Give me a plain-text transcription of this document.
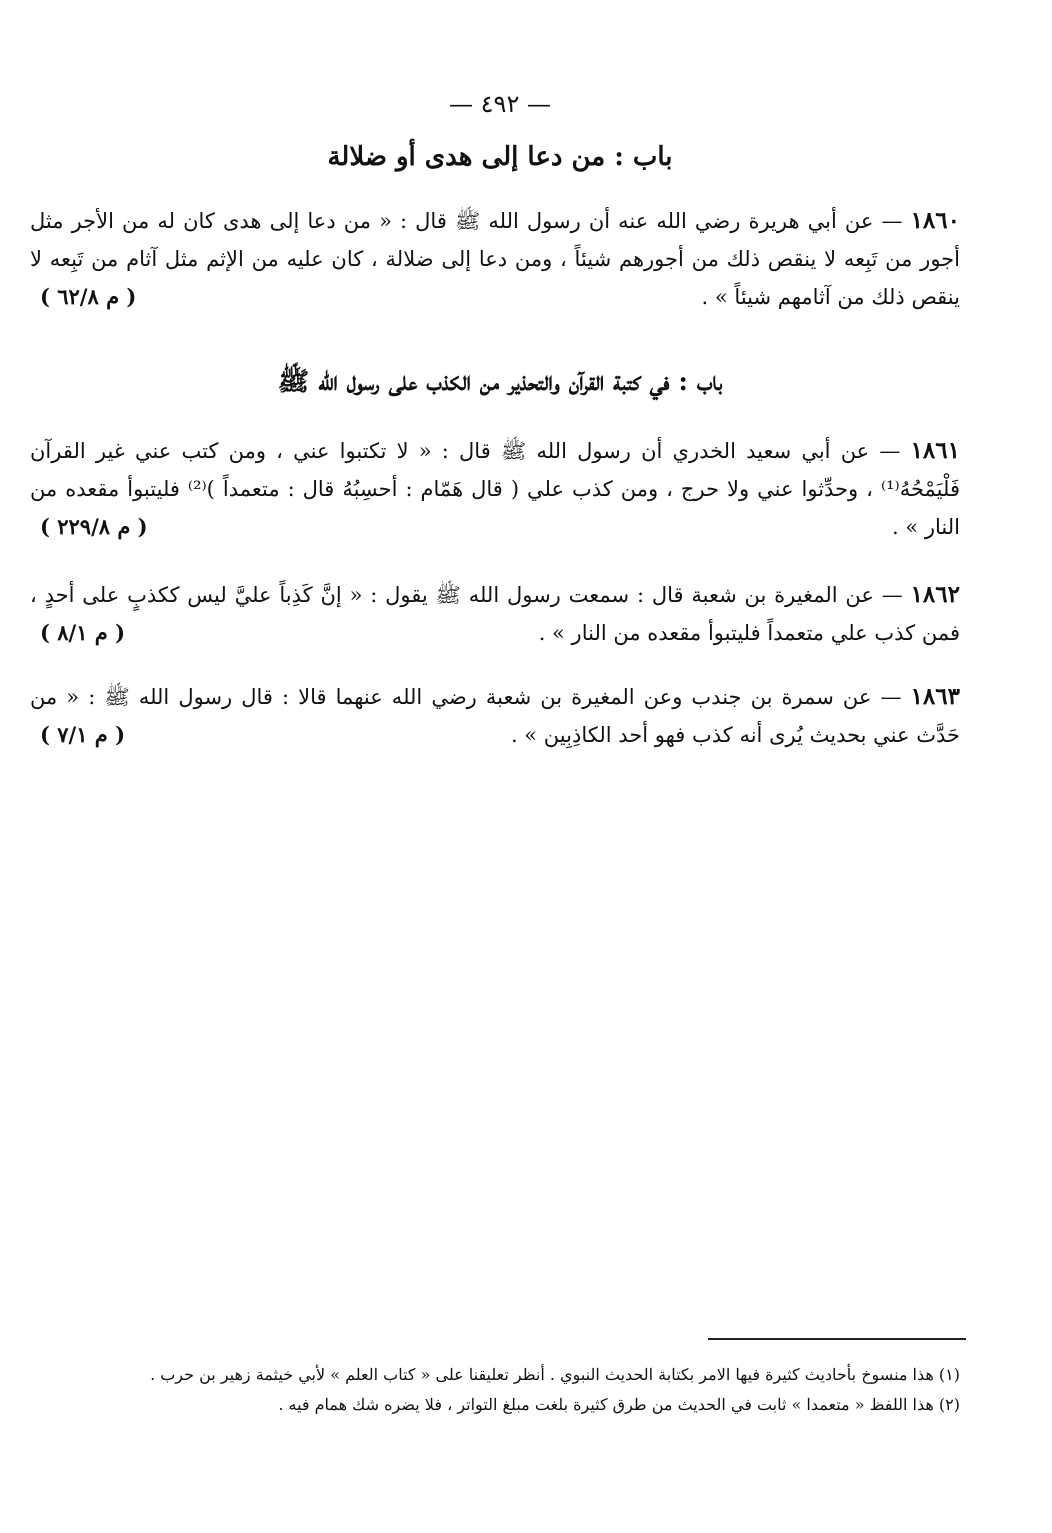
— ٤٩٢ —
باب : من دعا إلى هدى أو ضلالة
١٨٦٠ — عن أبي هريرة رضي الله عنه أن رسول الله ﷺ قال : « من دعا إلى هدى كان له من الأجر مثل أجور من تَبِعه لا ينقص ذلك من أجورهم شيئاً ، ومن دعا إلى ضلالة ، كان عليه من الإثم مثل آثام من تَبِعه لا ينقص ذلك من آثامهم شيئاً » .
( م ٦٢/٨ )
باب : في كتبة القرآن والتحذير من الكذب على رسول الله ﷺ
١٨٦١ — عن أبي سعيد الخدري أن رسول الله ﷺ قال : « لا تكتبوا عني ، ومن كتب عني غير القرآن فَلْيَمْحُهُ⁽¹⁾ ، وحدِّثوا عني ولا حرج ، ومن كذب علي ( قال هَمّام : أحسِبُهُ قال : متعمداً )⁽²⁾ فليتبوأ مقعده من النار » .
( م ٢٢٩/٨ )
١٨٦٢ — عن المغيرة بن شعبة قال : سمعت رسول الله ﷺ يقول : « إنَّ كَذِباً عليَّ ليس ككذبٍ على أحدٍ ، فمن كذب علي متعمداً فليتبوأ مقعده من النار » .
( م ٨/١ )
١٨٦٣ — عن سمرة بن جندب وعن المغيرة بن شعبة رضي الله عنهما قالا : قال رسول الله ﷺ : « من حَدَّث عني بحديث يُرى أنه كذب فهو أحد الكاذِبِين » .
( م ٧/١ )

(١) هذا منسوخ بأحاديث كثيرة فيها الامر بكتابة الحديث النبوي . أنظر تعليقنا على « كتاب العلم » لأبي خيثمة زهير بن حرب .

(٢) هذا اللفظ « متعمدا » ثابت في الحديث من طرق كثيرة بلغت مبلغ التواتر ، فلا يضره شك همام فيه .
